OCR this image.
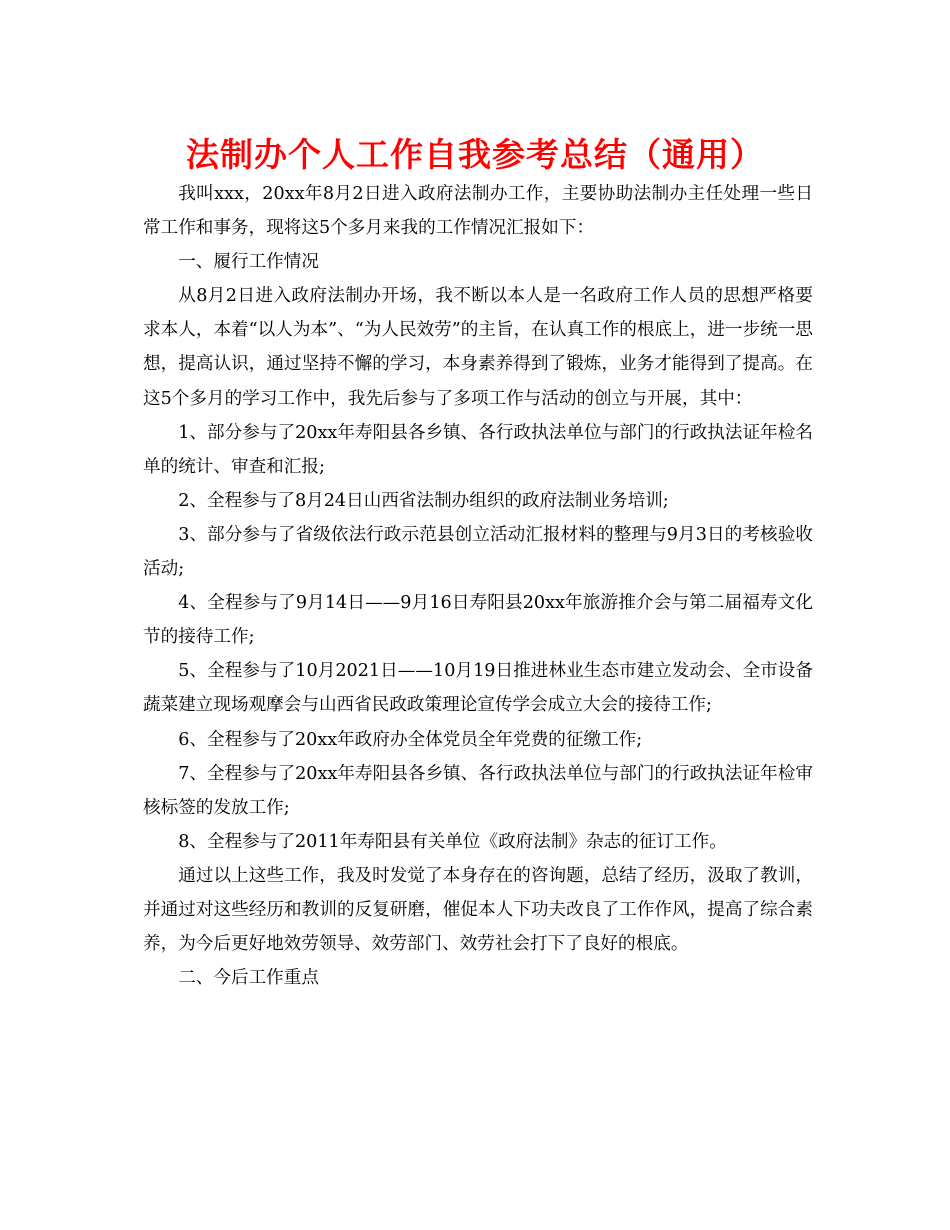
法制办个人工作自我参考总结（通用）

我叫xxx，20xx年8月2日进入政府法制办工作，主要协助法制办主任处理一些日常工作和事务，现将这5个多月来我的工作情况汇报如下：

一、履行工作情况

从8月2日进入政府法制办开场，我不断以本人是一名政府工作人员的思想严格要求本人，本着“以人为本”、“为人民效劳”的主旨，在认真工作的根底上，进一步统一思想，提高认识，通过坚持不懈的学习，本身素养得到了锻炼，业务才能得到了提高。在这5个多月的学习工作中，我先后参与了多项工作与活动的创立与开展，其中：

1、部分参与了20xx年寿阳县各乡镇、各行政执法单位与部门的行政执法证年检名单的统计、审查和汇报;

2、全程参与了8月24日山西省法制办组织的政府法制业务培训;

3、部分参与了省级依法行政示范县创立活动汇报材料的整理与9月3日的考核验收活动;

4、全程参与了9月14日——9月16日寿阳县20xx年旅游推介会与第二届福寿文化节的接待工作;

5、全程参与了10月2021日——10月19日推进林业生态市建立发动会、全市设备蔬菜建立现场观摩会与山西省民政政策理论宣传学会成立大会的接待工作;

6、全程参与了20xx年政府办全体党员全年党费的征缴工作;

7、全程参与了20xx年寿阳县各乡镇、各行政执法单位与部门的行政执法证年检审核标签的发放工作;

8、全程参与了2011年寿阳县有关单位《政府法制》杂志的征订工作。

通过以上这些工作，我及时发觉了本身存在的咨询题，总结了经历，汲取了教训，并通过对这些经历和教训的反复研磨，催促本人下功夫改良了工作作风，提高了综合素养，为今后更好地效劳领导、效劳部门、效劳社会打下了良好的根底。

二、今后工作重点
